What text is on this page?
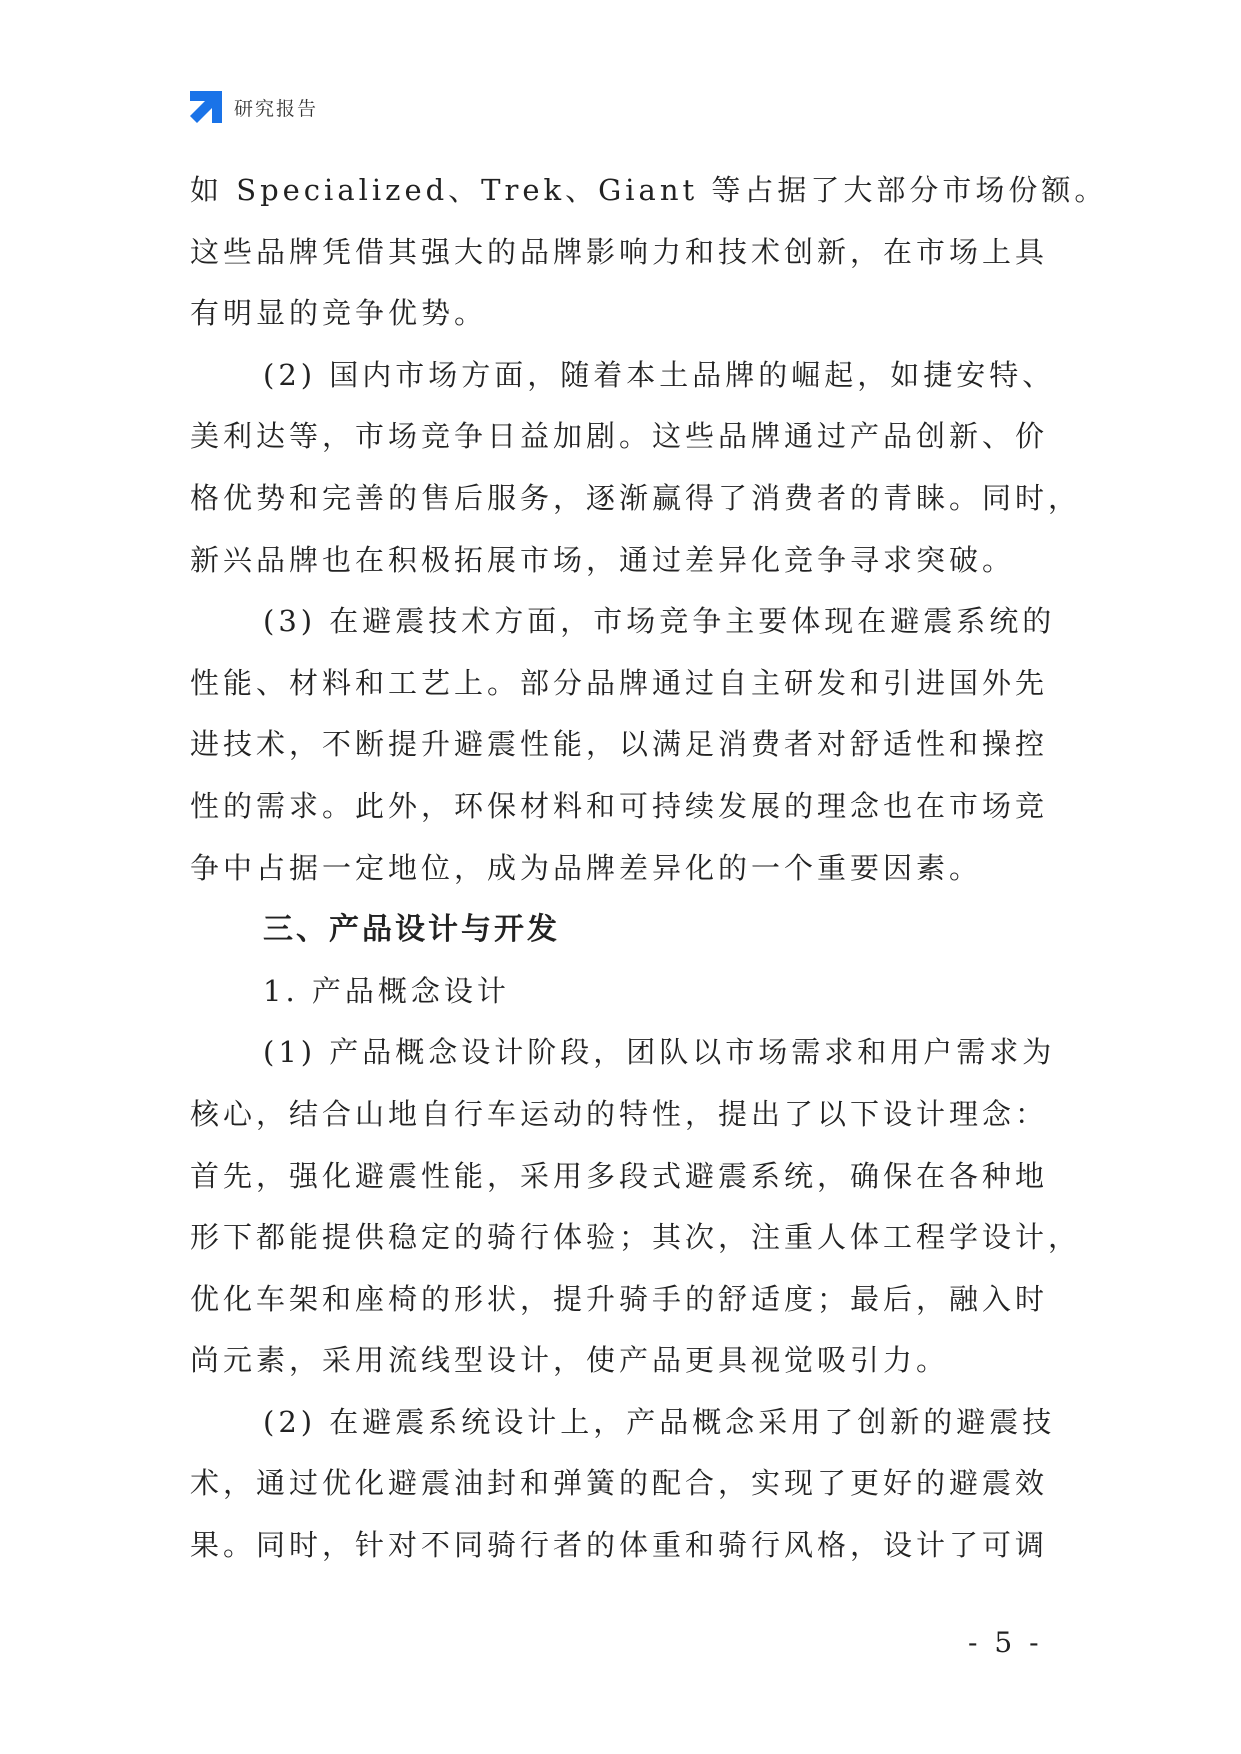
研究报告
如 Specialized、Trek、Giant 等占据了大部分市场份额。
这些品牌凭借其强大的品牌影响力和技术创新，在市场上具
有明显的竞争优势。
(2) 国内市场方面，随着本土品牌的崛起，如捷安特、
美利达等，市场竞争日益加剧。这些品牌通过产品创新、价
格优势和完善的售后服务，逐渐赢得了消费者的青睐。同时，
新兴品牌也在积极拓展市场，通过差异化竞争寻求突破。
(3) 在避震技术方面，市场竞争主要体现在避震系统的
性能、材料和工艺上。部分品牌通过自主研发和引进国外先
进技术，不断提升避震性能，以满足消费者对舒适性和操控
性的需求。此外，环保材料和可持续发展的理念也在市场竞
争中占据一定地位，成为品牌差异化的一个重要因素。
三、产品设计与开发
1. 产品概念设计
(1) 产品概念设计阶段，团队以市场需求和用户需求为
核心，结合山地自行车运动的特性，提出了以下设计理念：
首先，强化避震性能，采用多段式避震系统，确保在各种地
形下都能提供稳定的骑行体验；其次，注重人体工程学设计，
优化车架和座椅的形状，提升骑手的舒适度；最后，融入时
尚元素，采用流线型设计，使产品更具视觉吸引力。
(2) 在避震系统设计上，产品概念采用了创新的避震技
术，通过优化避震油封和弹簧的配合，实现了更好的避震效
果。同时，针对不同骑行者的体重和骑行风格，设计了可调
- 5 -
